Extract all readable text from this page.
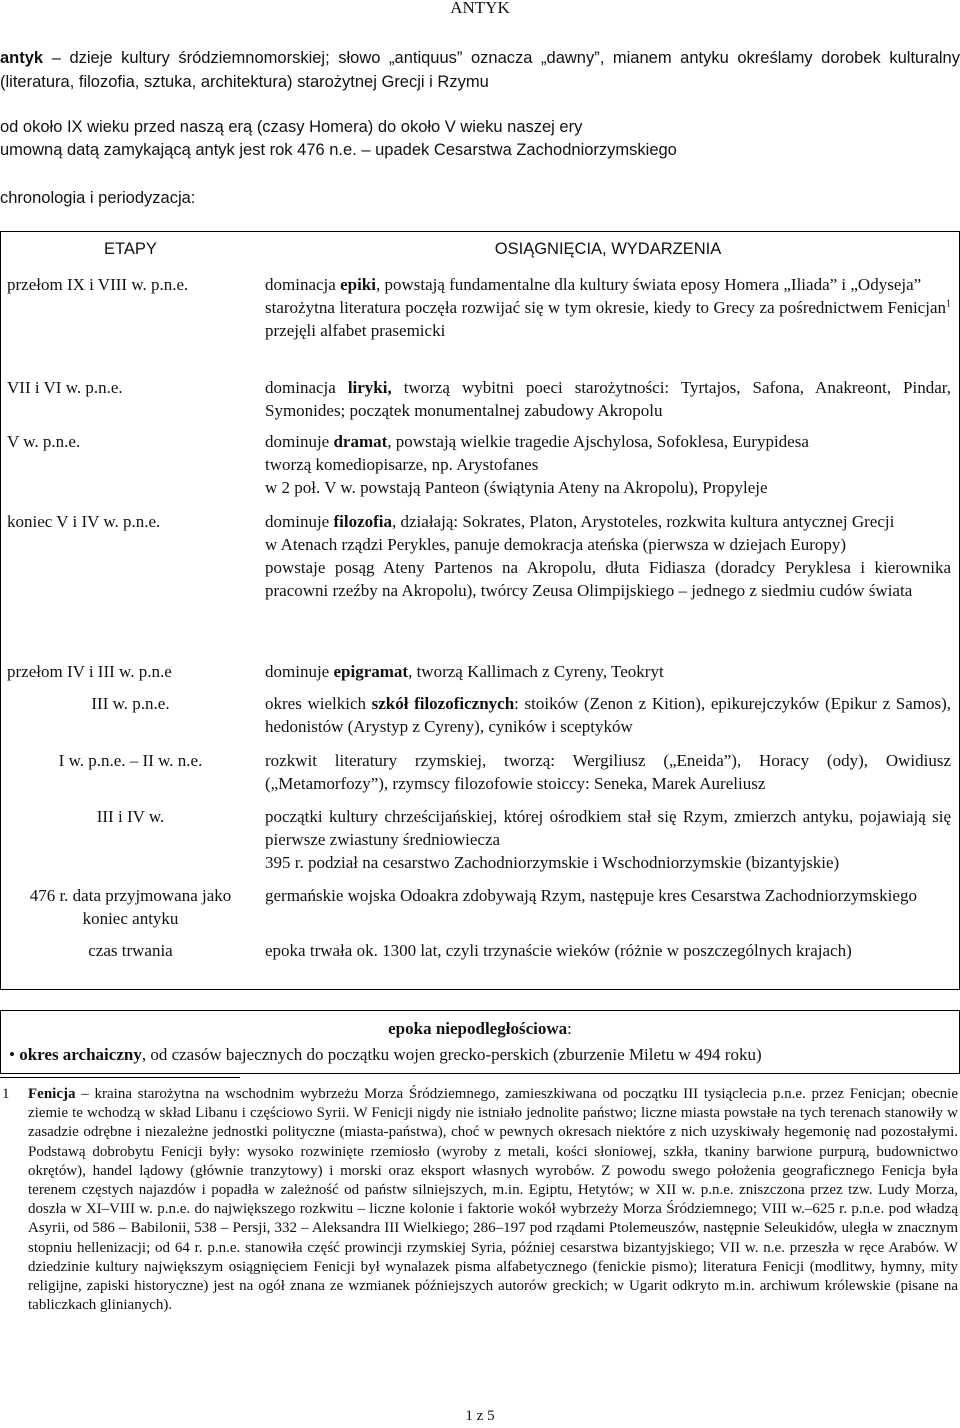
ANTYK

antyk – dzieje kultury śródziemnomorskiej; słowo „antiquus” oznacza „dawny”, mianem antyku określamy dorobek kulturalny (literatura, filozofia, sztuka, architektura) starożytnej Grecji i Rzymu

od około IX wieku przed naszą erą (czasy Homera) do około V wieku naszej ery

umowną datą zamykającą antyk jest rok 476 n.e. – upadek Cesarstwa Zachodniorzymskiego

chronologia i periodyzacja:
ETAPY
przełom IX i VIII w. p.n.e.
VII i VI w. p.n.e.
V w. p.n.e.
koniec V i IV w. p.n.e.
przełom IV i III w. p.n.e
III w. p.n.e.
I w. p.n.e. – II w. n.e.
III i IV w.
476 r. data przyjmowana jako koniec antyku
czas trwania
OSIĄGNIĘCIA, WYDARZENIA

dominacja epiki, powstają fundamentalne dla kultury świata eposy Homera „Iliada” i „Odyseja”

starożytna literatura poczęła rozwijać się w tym okresie, kiedy to Grecy za pośrednictwem Fenicjan$^1$ przejęli alfabet prasemicki

dominacja liryki, tworzą wybitni poeci starożytności: Tyrtajos, Safona, Anakreont, Pindar, Symonides; początek monumentalnej zabudowy Akropolu

dominuje dramat, powstają wielkie tragedie Ajschylosa, Sofoklesa, Eurypidesa

tworzą komediopisarze, np. Arystofanes

w 2 poł. V w. powstają Panteon (świątynia Ateny na Akropolu), Propyleje

dominuje filozofia, działają: Sokrates, Platon, Arystoteles, rozkwita kultura antycznej Grecji

w Atenach rządzi Perykles, panuje demokracja ateńska (pierwsza w dziejach Europy)

powstaje posąg Ateny Partenos na Akropolu, dłuta Fidiasza (doradcy Peryklesa i kierownika pracowni rzeźby na Akropolu), twórcy Zeusa Olimpijskiego – jednego z siedmiu cudów świata

dominuje epigramat, tworzą Kallimach z Cyreny, Teokryt

okres wielkich szkół filozoficznych: stoików (Zenon z Kition), epikurejczyków (Epikur z Samos), hedonistów (Arystyp z Cyreny), cyników i sceptyków

rozkwit literatury rzymskiej, tworzą: Wergiliusz („Eneida”), Horacy (ody), Owidiusz („Metamorfozy”), rzymscy filozofowie stoiccy: Seneka, Marek Aureliusz

początki kultury chrześcijańskiej, której ośrodkiem stał się Rzym, zmierzch antyku, pojawiają się pierwsze zwiastuny średniowiecza

395 r. podział na cesarstwo Zachodniorzymskie i Wschodniorzymskie (bizantyjskie)

germańskie wojska Odoakra zdobywają Rzym, następuje kres Cesarstwa Zachodniorzymskiego

epoka trwała ok. 1300 lat, czyli trzynaście wieków (różnie w poszczególnych krajach)

epoka niepodległościowa:
• okres archaiczny, od czasów bajecznych do początku wojen grecko-perskich (zburzenie Miletu w 494 roku)
1 Fenicja – kraina starożytna na wschodnim wybrzeżu Morza Śródziemnego, zamieszkiwana od początku III tysiąclecia p.n.e. przez Fenicjan; obecnie ziemie te wchodzą w skład Libanu i częściowo Syrii. W Fenicji nigdy nie istniało jednolite państwo; liczne miasta powstałe na tych terenach stanowiły w zasadzie odrębne i niezależne jednostki polityczne (miasta-państwa), choć w pewnych okresach niektóre z nich uzyskiwały hegemonię nad pozostałymi. Podstawą dobrobytu Fenicji były: wysoko rozwinięte rzemiosło (wyroby z metali, kości słoniowej, szkła, tkaniny barwione purpurą, budownictwo okrętów), handel lądowy (głównie tranzytowy) i morski oraz eksport własnych wyrobów. Z powodu swego położenia geograficznego Fenicja była terenem częstych najazdów i popadła w zależność od państw silniejszych, m.in. Egiptu, Hetytów; w XII w. p.n.e. zniszczona przez tzw. Ludy Morza, doszła w XI–VIII w. p.n.e. do największego rozkwitu – liczne kolonie i faktorie wokół wybrzeży Morza Śródziemnego; VIII w.–625 r. p.n.e. pod władzą Asyrii, od 586 – Babilonii, 538 – Persji, 332 – Aleksandra III Wielkiego; 286–197 pod rządami Ptolemeuszów, następnie Seleukidów, uległa w znacznym stopniu hellenizacji; od 64 r. p.n.e. stanowiła część prowincji rzymskiej Syria, później cesarstwa bizantyjskiego; VII w. n.e. przeszła w ręce Arabów. W dziedzinie kultury największym osiągnięciem Fenicji był wynalazek pisma alfabetycznego (fenickie pismo); literatura Fenicji (modlitwy, hymny, mity religijne, zapiski historyczne) jest na ogół znana ze wzmianek późniejszych autorów greckich; w Ugarit odkryto m.in. archiwum królewskie (pisane na tabliczkach glinianych).
1 z 5
